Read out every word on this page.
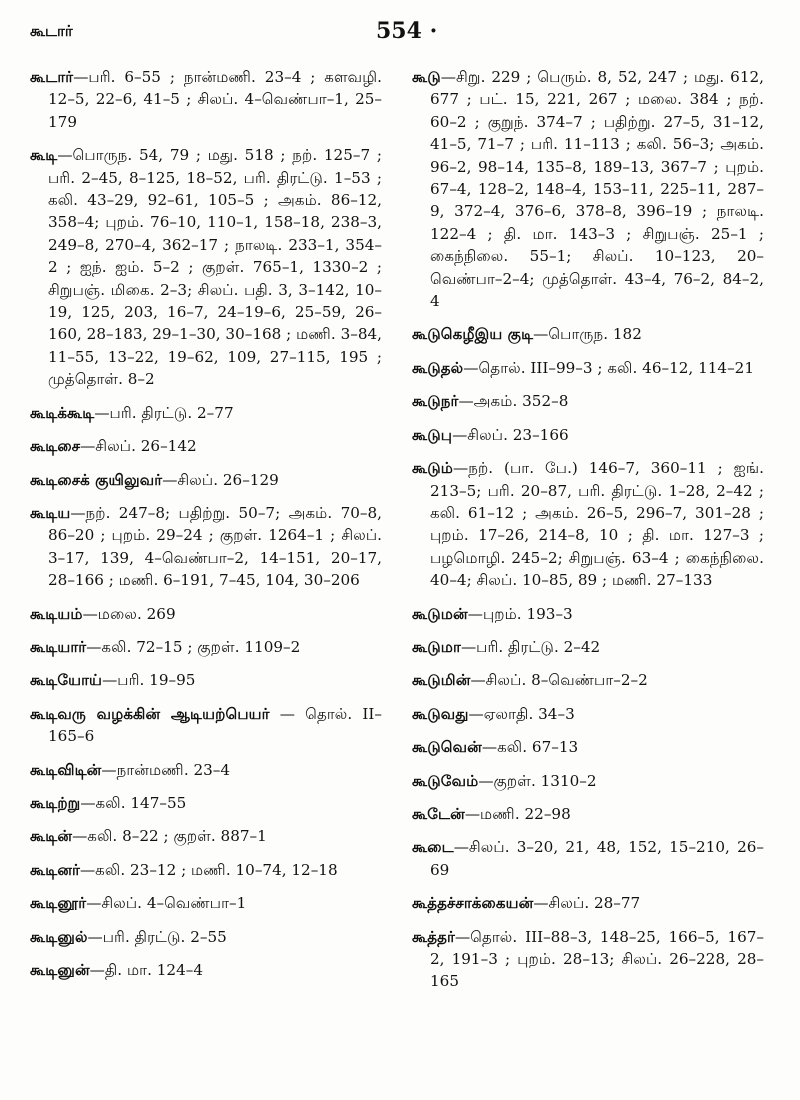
கூடார்	554 ·

கூடார்—பரி. 6–55 ; நான்மணி. 23–4 ; களவழி. 12–5, 22–6, 41–5 ; சிலப். 4–வெண்பா–1, 25–179

கூடி—பொருந. 54, 79 ; மது. 518 ; நற். 125–7 ; பரி. 2–45, 8–125, 18–52, பரி. திரட்டு. 1–53 ; கலி. 43–29, 92–61, 105–5 ; அகம். 86–12, 358–4; புறம். 76–10, 110–1, 158–18, 238–3, 249–8, 270–4, 362–17 ; நாலடி. 233–1, 354–2 ; ஐந். ஐம். 5–2 ; குறள். 765–1, 1330–2 ; சிறுபஞ். மிகை. 2–3; சிலப். பதி. 3, 3–142, 10–19, 125, 203, 16–7, 24–19–6, 25–59, 26–160, 28–183, 29–1–30, 30–168 ; மணி. 3–84, 11–55, 13–22, 19–62, 109, 27–115, 195 ; முத்தொள். 8–2

கூடிக்கூடி—பரி. திரட்டு. 2–77

கூடிசை—சிலப். 26–142

கூடிசைக் குயிலுவர்—சிலப். 26–129

கூடிய—நற். 247–8; பதிற்று. 50–7; அகம். 70–8, 86–20 ; புறம். 29–24 ; குறள். 1264–1 ; சிலப். 3–17, 139, 4–வெண்பா–2, 14–151, 20–17, 28–166 ; மணி. 6–191, 7–45, 104, 30–206

கூடியம்—மலை. 269

கூடியார்—கலி. 72–15 ; குறள். 1109–2

கூடியோய்—பரி. 19–95

கூடிவரு வழக்கின் ஆடியற்பெயர் — தொல். II–165–6

கூடிவிடின்—நான்மணி. 23–4

கூடிற்று—கலி. 147–55

கூடின்—கலி. 8–22 ; குறள். 887–1

கூடினர்—கலி. 23–12 ; மணி. 10–74, 12–18

கூடினூர்—சிலப். 4–வெண்பா–1

கூடினுல்—பரி. திரட்டு. 2–55

கூடினுன்—தி. மா. 124–4

கூடு—சிறு. 229 ; பெரும். 8, 52, 247 ; மது. 612, 677 ; பட். 15, 221, 267 ; மலை. 384 ; நற். 60–2 ; குறுந். 374–7 ; பதிற்று. 27–5, 31–12, 41–5, 71–7 ; பரி. 11–113 ; கலி. 56–3; அகம். 96–2, 98–14, 135–8, 189–13, 367–7 ; புறம். 67–4, 128–2, 148–4, 153–11, 225–11, 287–9, 372–4, 376–6, 378–8, 396–19 ; நாலடி. 122–4 ; தி. மா. 143–3 ; சிறுபஞ். 25–1 ; கைந்நிலை. 55–1; சிலப். 10–123, 20–வெண்பா–2–4; முத்தொள். 43–4, 76–2, 84–2, 4

கூடுகெழீஇய குடி—பொருந. 182

கூடுதல்—தொல். III–99–3 ; கலி. 46–12, 114–21

கூடுநர்—அகம். 352–8

கூடுபு—சிலப். 23–166

கூடும்—நற். (பா. பே.) 146–7, 360–11 ; ஐங். 213–5; பரி. 20–87, பரி. திரட்டு. 1–28, 2–42 ; கலி. 61–12 ; அகம். 26–5, 296–7, 301–28 ; புறம். 17–26, 214–8, 10 ; தி. மா. 127–3 ; பழமொழி. 245–2; சிறுபஞ். 63–4 ; கைந்நிலை. 40–4; சிலப். 10–85, 89 ; மணி. 27–133

கூடுமன்—புறம். 193–3

கூடுமா—பரி. திரட்டு. 2–42

கூடுமின்—சிலப். 8–வெண்பா–2–2

கூடுவது—ஏலாதி. 34–3

கூடுவென்—கலி. 67–13

கூடுவேம்—குறள். 1310–2

கூடேன்—மணி. 22–98

கூடை—சிலப். 3–20, 21, 48, 152, 15–210, 26–69

கூத்தச்சாக்கையன்—சிலப். 28–77

கூத்தர்—தொல். III–88–3, 148–25, 166–5, 167–2, 191–3 ; புறம். 28–13; சிலப். 26–228, 28–165
